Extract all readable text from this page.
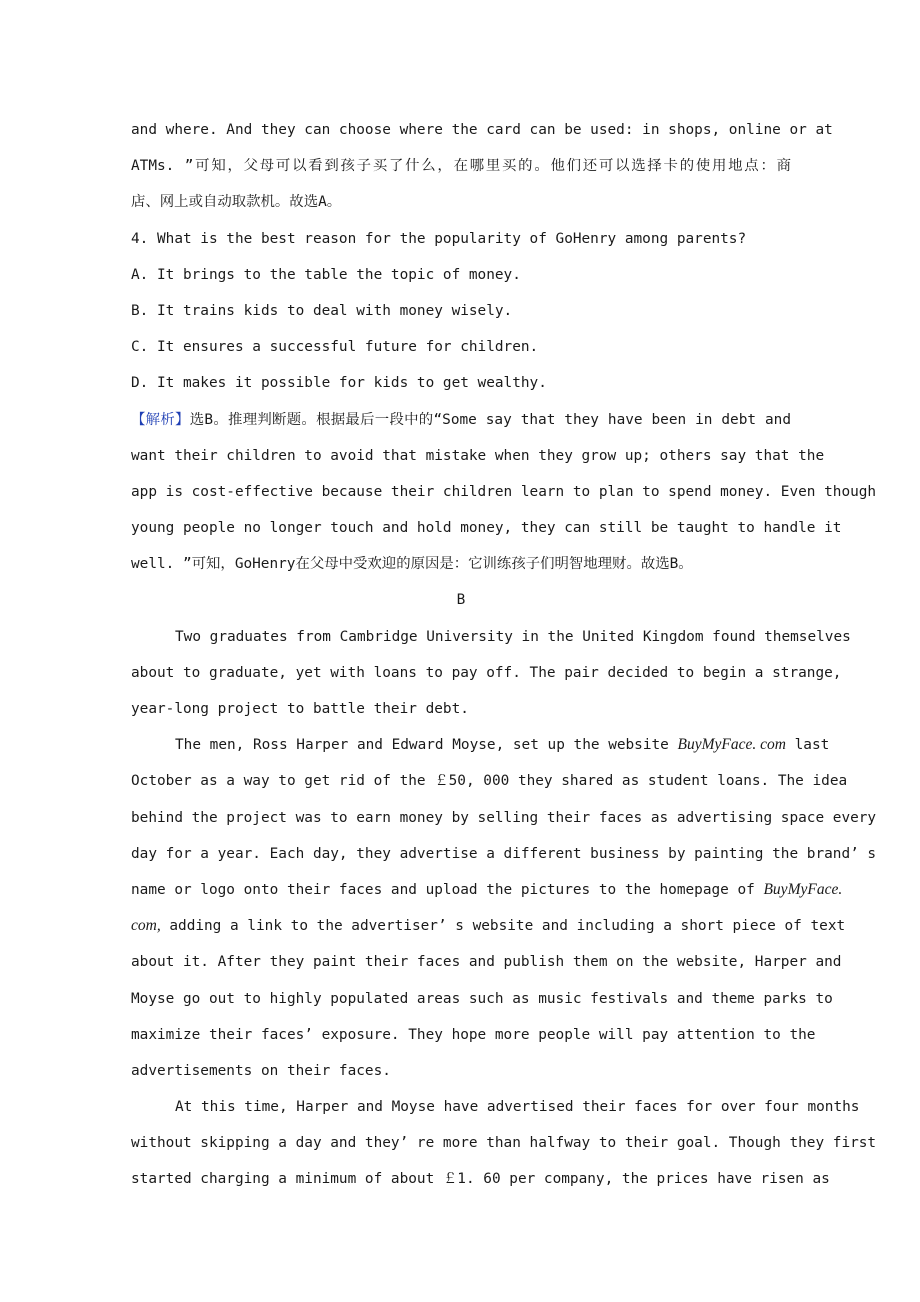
and where. And they can choose where the card can be used: in shops, online or at
ATMs. ”可知，父母可以看到孩子买了什么，在哪里买的。他们还可以选择卡的使用地点：商
店、网上或自动取款机。故选A。
4. What is the best reason for the popularity of GoHenry among parents?
A. It brings to the table the topic of money.
B. It trains kids to deal with money wisely.
C. It ensures a successful future for children.
D. It makes it possible for kids to get wealthy.
【解析】选B。推理判断题。根据最后一段中的“Some say that they have been in debt and
want their children to avoid that mistake when they grow up; others say that the
app is cost-effective because their children learn to plan to spend money. Even though
young people no longer touch and hold money, they can still be taught to handle it
well. ”可知，GoHenry在父母中受欢迎的原因是：它训练孩子们明智地理财。故选B。
B
Two graduates from Cambridge University in the United Kingdom found themselves
about to graduate, yet with loans to pay off. The pair decided to begin a strange,
year-long project to battle their debt.
The men, Ross Harper and Edward Moyse, set up the website BuyMyFace. com last
October as a way to get rid of the ￡50, 000 they shared as student loans. The idea
behind the project was to earn money by selling their faces as advertising space every
day for a year. Each day, they advertise a different business by painting the brand’ s
name or logo onto their faces and upload the pictures to the homepage of BuyMyFace.
com, adding a link to the advertiser’ s website and including a short piece of text
about it. After they paint their faces and publish them on the website, Harper and
Moyse go out to highly populated areas such as music festivals and theme parks to
maximize their faces’ exposure. They hope more people will pay attention to the
advertisements on their faces.
At this time, Harper and Moyse have advertised their faces for over four months
without skipping a day and they’ re more than halfway to their goal. Though they first
started charging a minimum of about ￡1. 60 per company, the prices have risen as
